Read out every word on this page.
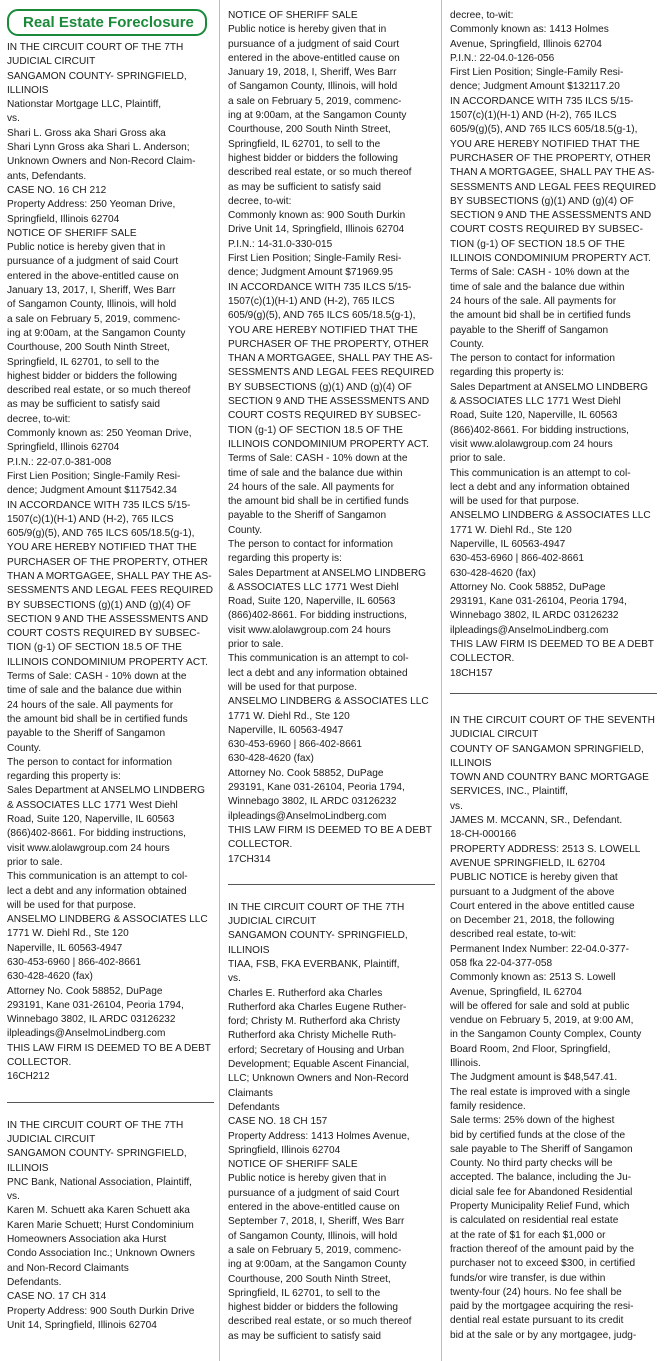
Real Estate Foreclosure
IN THE CIRCUIT COURT OF THE 7TH
JUDICIAL CIRCUIT
SANGAMON COUNTY- SPRINGFIELD,
ILLINOIS
Nationstar Mortgage LLC, Plaintiff,
vs.
Shari L. Gross aka Shari Gross aka
Shari Lynn Gross aka Shari L. Anderson;
Unknown Owners and Non-Record Claim-
ants, Defendants.
CASE NO. 16 CH 212
Property Address: 250 Yeoman Drive,
Springfield, Illinois 62704
NOTICE OF SHERIFF SALE
Public notice is hereby given that in
pursuance of a judgment of said Court
entered in the above-entitled cause on
January 13, 2017, I, Sheriff, Wes Barr
of Sangamon County, Illinois, will hold
a sale on February 5, 2019, commenc-
ing at 9:00am, at the Sangamon County
Courthouse, 200 South Ninth Street,
Springfield, IL 62701, to sell to the
highest bidder or bidders the following
described real estate, or so much thereof
as may be sufficient to satisfy said
decree, to-wit:
Commonly known as: 250 Yeoman Drive,
Springfield, Illinois 62704
P.I.N.: 22-07.0-381-008
First Lien Position; Single-Family Resi-
dence; Judgment Amount $117542.34
IN ACCORDANCE WITH 735 ILCS 5/15-
1507(c)(1)(H-1) AND (H-2), 765 ILCS
605/9(g)(5), AND 765 ILCS 605/18.5(g-1),
YOU ARE HEREBY NOTIFIED THAT THE
PURCHASER OF THE PROPERTY, OTHER
THAN A MORTGAGEE, SHALL PAY THE AS-
SESSMENTS AND LEGAL FEES REQUIRED
BY SUBSECTIONS (g)(1) AND (g)(4) OF
SECTION 9 AND THE ASSESSMENTS AND
COURT COSTS REQUIRED BY SUBSEC-
TION (g-1) OF SECTION 18.5 OF THE
ILLINOIS CONDOMINIUM PROPERTY ACT.
Terms of Sale: CASH - 10% down at the
time of sale and the balance due within
24 hours of the sale. All payments for
the amount bid shall be in certified funds
payable to the Sheriff of Sangamon
County.
The person to contact for information
regarding this property is:
Sales Department at ANSELMO LINDBERG
& ASSOCIATES LLC 1771 West Diehl
Road, Suite 120, Naperville, IL 60563
(866)402-8661. For bidding instructions,
visit www.alolawgroup.com 24 hours
prior to sale.
This communication is an attempt to col-
lect a debt and any information obtained
will be used for that purpose.
ANSELMO LINDBERG & ASSOCIATES LLC
1771 W. Diehl Rd., Ste 120
Naperville, IL 60563-4947
630-453-6960 | 866-402-8661
630-428-4620 (fax)
Attorney No. Cook 58852, DuPage
293191, Kane 031-26104, Peoria 1794,
Winnebago 3802, IL ARDC 03126232
ilpleadings@AnselmoLindberg.com
THIS LAW FIRM IS DEEMED TO BE A DEBT
COLLECTOR.
16CH212
IN THE CIRCUIT COURT OF THE 7TH
JUDICIAL CIRCUIT
SANGAMON COUNTY- SPRINGFIELD,
ILLINOIS
PNC Bank, National Association, Plaintiff,
vs.
Karen M. Schuett aka Karen Schuett aka
Karen Marie Schuett; Hurst Condominium
Homeowners Association aka Hurst
Condo Association Inc.; Unknown Owners
and Non-Record Claimants
Defendants.
CASE NO. 17 CH 314
Property Address: 900 South Durkin Drive
Unit 14, Springfield, Illinois 62704
NOTICE OF SHERIFF SALE
Public notice is hereby given that in
pursuance of a judgment of said Court
entered in the above-entitled cause on
January 19, 2018, I, Sheriff, Wes Barr
of Sangamon County, Illinois, will hold
a sale on February 5, 2019, commenc-
ing at 9:00am, at the Sangamon County
Courthouse, 200 South Ninth Street,
Springfield, IL 62701, to sell to the
highest bidder or bidders the following
described real estate, or so much thereof
as may be sufficient to satisfy said
decree, to-wit:
Commonly known as: 900 South Durkin
Drive Unit 14, Springfield, Illinois 62704
P.I.N.: 14-31.0-330-015
First Lien Position; Single-Family Resi-
dence; Judgment Amount $71969.95
IN ACCORDANCE WITH 735 ILCS 5/15-
1507(c)(1)(H-1) AND (H-2), 765 ILCS
605/9(g)(5), AND 765 ILCS 605/18.5(g-1),
YOU ARE HEREBY NOTIFIED THAT THE
PURCHASER OF THE PROPERTY, OTHER
THAN A MORTGAGEE, SHALL PAY THE AS-
SESSMENTS AND LEGAL FEES REQUIRED
BY SUBSECTIONS (g)(1) AND (g)(4) OF
SECTION 9 AND THE ASSESSMENTS AND
COURT COSTS REQUIRED BY SUBSEC-
TION (g-1) OF SECTION 18.5 OF THE
ILLINOIS CONDOMINIUM PROPERTY ACT.
Terms of Sale: CASH - 10% down at the
time of sale and the balance due within
24 hours of the sale. All payments for
the amount bid shall be in certified funds
payable to the Sheriff of Sangamon
County.
The person to contact for information
regarding this property is:
Sales Department at ANSELMO LINDBERG
& ASSOCIATES LLC 1771 West Diehl
Road, Suite 120, Naperville, IL 60563
(866)402-8661. For bidding instructions,
visit www.alolawgroup.com 24 hours
prior to sale.
This communication is an attempt to col-
lect a debt and any information obtained
will be used for that purpose.
ANSELMO LINDBERG & ASSOCIATES LLC
1771 W. Diehl Rd., Ste 120
Naperville, IL 60563-4947
630-453-6960 | 866-402-8661
630-428-4620 (fax)
Attorney No. Cook 58852, DuPage
293191, Kane 031-26104, Peoria 1794,
Winnebago 3802, IL ARDC 03126232
ilpleadings@AnselmoLindberg.com
THIS LAW FIRM IS DEEMED TO BE A DEBT
COLLECTOR.
17CH314
IN THE CIRCUIT COURT OF THE 7TH
JUDICIAL CIRCUIT
SANGAMON COUNTY- SPRINGFIELD,
ILLINOIS
TIAA, FSB, FKA EVERBANK, Plaintiff,
vs.
Charles E. Rutherford aka Charles
Rutherford aka Charles Eugene Ruther-
ford; Christy M. Rutherford aka Christy
Rutherford aka Christy Michelle Ruth-
erford; Secretary of Housing and Urban
Development; Equable Ascent Financial,
LLC; Unknown Owners and Non-Record
Claimants
Defendants
CASE NO. 18 CH 157
Property Address: 1413 Holmes Avenue,
Springfield, Illinois 62704
NOTICE OF SHERIFF SALE
Public notice is hereby given that in
pursuance of a judgment of said Court
entered in the above-entitled cause on
September 7, 2018, I, Sheriff, Wes Barr
of Sangamon County, Illinois, will hold
a sale on February 5, 2019, commenc-
ing at 9:00am, at the Sangamon County
Courthouse, 200 South Ninth Street,
Springfield, IL 62701, to sell to the
highest bidder or bidders the following
described real estate, or so much thereof
as may be sufficient to satisfy said
decree, to-wit:
Commonly known as: 1413 Holmes
Avenue, Springfield, Illinois 62704
P.I.N.: 22-04.0-126-056
First Lien Position; Single-Family Resi-
dence; Judgment Amount $132117.20
IN ACCORDANCE WITH 735 ILCS 5/15-
1507(c)(1)(H-1) AND (H-2), 765 ILCS
605/9(g)(5), AND 765 ILCS 605/18.5(g-1),
YOU ARE HEREBY NOTIFIED THAT THE
PURCHASER OF THE PROPERTY, OTHER
THAN A MORTGAGEE, SHALL PAY THE AS-
SESSMENTS AND LEGAL FEES REQUIRED
BY SUBSECTIONS (g)(1) AND (g)(4) OF
SECTION 9 AND THE ASSESSMENTS AND
COURT COSTS REQUIRED BY SUBSEC-
TION (g-1) OF SECTION 18.5 OF THE
ILLINOIS CONDOMINIUM PROPERTY ACT.
Terms of Sale: CASH - 10% down at the
time of sale and the balance due within
24 hours of the sale. All payments for
the amount bid shall be in certified funds
payable to the Sheriff of Sangamon
County.
The person to contact for information
regarding this property is:
Sales Department at ANSELMO LINDBERG
& ASSOCIATES LLC 1771 West Diehl
Road, Suite 120, Naperville, IL 60563
(866)402-8661. For bidding instructions,
visit www.alolawgroup.com 24 hours
prior to sale.
This communication is an attempt to col-
lect a debt and any information obtained
will be used for that purpose.
ANSELMO LINDBERG & ASSOCIATES LLC
1771 W. Diehl Rd., Ste 120
Naperville, IL 60563-4947
630-453-6960 | 866-402-8661
630-428-4620 (fax)
Attorney No. Cook 58852, DuPage
293191, Kane 031-26104, Peoria 1794,
Winnebago 3802, IL ARDC 03126232
ilpleadings@AnselmoLindberg.com
THIS LAW FIRM IS DEEMED TO BE A DEBT
COLLECTOR.
18CH157
IN THE CIRCUIT COURT OF THE SEVENTH
JUDICIAL CIRCUIT
COUNTY OF SANGAMON SPRINGFIELD,
ILLINOIS
TOWN AND COUNTRY BANC MORTGAGE
SERVICES, INC., Plaintiff,
vs.
JAMES M. MCCANN, SR., Defendant.
18-CH-000166
PROPERTY ADDRESS: 2513 S. LOWELL
AVENUE SPRINGFIELD, IL 62704
PUBLIC NOTICE is hereby given that
pursuant to a Judgment of the above
Court entered in the above entitled cause
on December 21, 2018, the following
described real estate, to-wit:
Permanent Index Number: 22-04.0-377-
058 fka 22-04-377-058
Commonly known as: 2513 S. Lowell
Avenue, Springfield, IL 62704
will be offered for sale and sold at public
vendue on February 5, 2019, at 9:00 AM,
in the Sangamon County Complex, County
Board Room, 2nd Floor, Springfield,
Illinois.
The Judgment amount is $48,547.41.
The real estate is improved with a single
family residence.
Sale terms: 25% down of the highest
bid by certified funds at the close of the
sale payable to The Sheriff of Sangamon
County. No third party checks will be
accepted. The balance, including the Ju-
dicial sale fee for Abandoned Residential
Property Municipality Relief Fund, which
is calculated on residential real estate
at the rate of $1 for each $1,000 or
fraction thereof of the amount paid by the
purchaser not to exceed $300, in certified
funds/or wire transfer, is due within
twenty-four (24) hours. No fee shall be
paid by the mortgagee acquiring the resi-
dential real estate pursuant to its credit
bid at the sale or by any mortgagee, judg-
